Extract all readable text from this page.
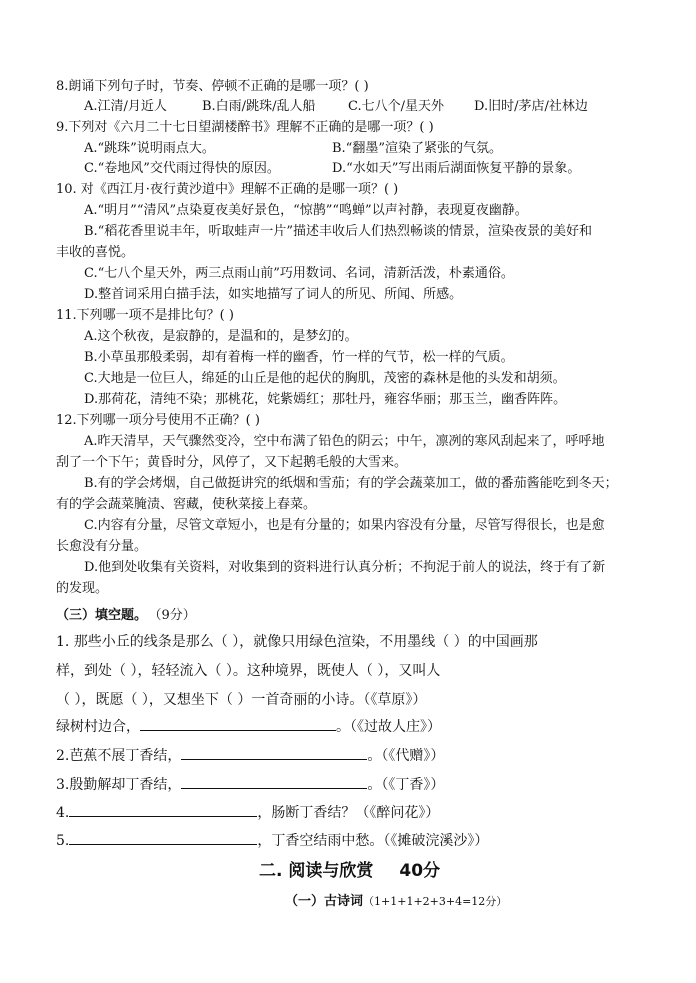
8.朗诵下列句子时，节奏、停顿不正确的是哪一项？( )
A.江清/月近人	B.白雨/跳珠/乱人船	C.七八个/星天外 D.旧时/茅店/社林边
9.下列对《六月二十七日望湖楼醉书》理解不正确的是哪一项？( )
A.“跳珠”说明雨点大。	B.“翻墨”渲染了紧张的气氛。
C.“卷地风”交代雨过得快的原因。	D.“水如天”写出雨后湖面恢复平静的景象。
10. 对《西江月·夜行黄沙道中》理解不正确的是哪一项？( )
A.“明月”“清风”点染夏夜美好景色，“惊鹊”“鸣蝉”以声衬静，表现夏夜幽静。
B.“稻花香里说丰年，听取蛙声一片”描述丰收后人们热烈畅谈的情景，渲染夜景的美好和
丰收的喜悦。
C.“七八个星天外，两三点雨山前”巧用数词、名词，清新活泼，朴素通俗。
D.整首词采用白描手法，如实地描写了词人的所见、所闻、所感。
11.下列哪一项不是排比句？( )
A.这个秋夜，是寂静的，是温和的，是梦幻的。
B.小草虽那般柔弱，却有着梅一样的幽香，竹一样的气节，松一样的气质。
C.大地是一位巨人，绵延的山丘是他的起伏的胸肌，茂密的森林是他的头发和胡须。
D.那荷花，清纯不染；那桃花，姹紫嫣红；那牡丹，雍容华丽；那玉兰，幽香阵阵。
12.下列哪一项分号使用不正确？( )
A.昨天清早，天气骤然变冷，空中布满了铅色的阴云；中午，凛冽的寒风刮起来了，呼呼地
刮了一个下午；黄昏时分，风停了，又下起鹅毛般的大雪来。
B.有的学会烤烟，自己做挺讲究的纸烟和雪茄；有的学会蔬菜加工，做的番茄酱能吃到冬天；
有的学会蔬菜腌渍、窖藏，使秋菜接上春菜。
C.内容有分量，尽管文章短小，也是有分量的；如果内容没有分量，尽管写得很长，也是愈
长愈没有分量。
D.他到处收集有关资料，对收集到的资料进行认真分析；不拘泥于前人的说法，终于有了新
的发现。
（三）填空题。 （9分）
1. 那些小丘的线条是那么（ ），就像只用绿色渲染，不用墨线（ ）的中国画那
样，到处（ ），轻轻流入（ ）。这种境界，既使人（ ），又叫人
（ ），既愿（ ），又想坐下（ ）一首奇丽的小诗。（《草原》）
绿树村边合，	。（《过故人庄》）
2.芭蕉不展丁香结，	。（《代赠》）
3.殷勤解却丁香结，	。（《丁香》）
4.	，肠断丁香结？（《醉问花》）
5.	，丁香空结雨中愁。（《摊破浣溪沙》）
二. 阅读与欣赏 40分
（一）古诗词（1+1+1+2+3+4=12分）
